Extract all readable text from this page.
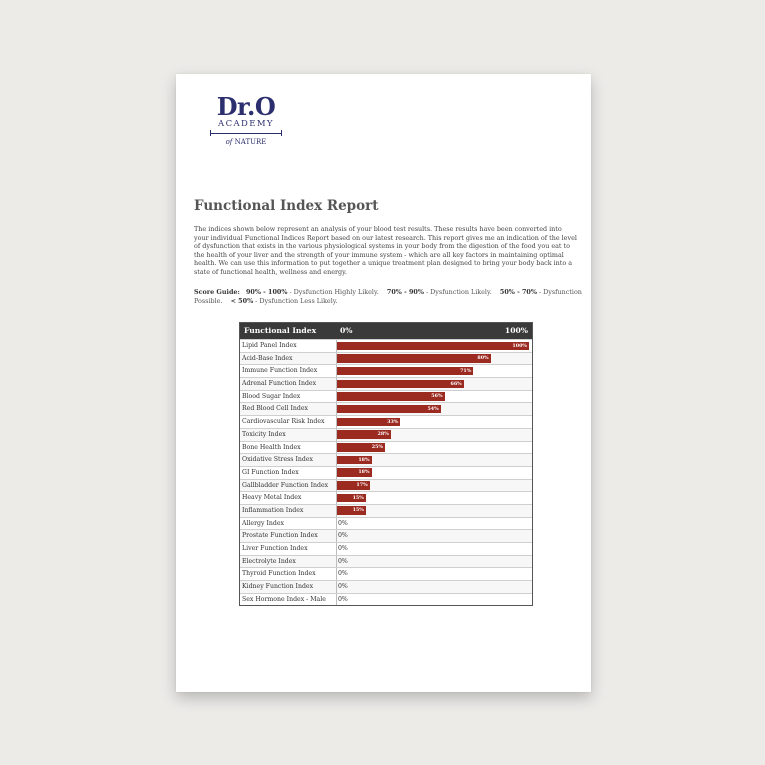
Dr.O
ACADEMY
of NATURE
Functional Index Report
The indices shown below represent an analysis of your blood test results. These results have been converted into your individual Functional Indices Report based on our latest research. This report gives me an indication of the level of dysfunction that exists in the various physiological systems in your body from the digestion of the food you eat to the health of your liver and the strength of your immune system - which are all key factors in maintaining optimal health. We can use this information to put together a unique treatment plan designed to bring your body back into a state of functional health, wellness and energy.
Score Guide: 90% - 100% - Dysfunction Highly Likely. 70% - 90% - Dysfunction Likely. 50% - 70% - Dysfunction Possible. < 50% - Dysfunction Less Likely.
Functional Index	0%	100%
Lipid Panel Index	100%
Acid-Base Index	80%
Immune Function Index	71%
Adrenal Function Index	66%
Blood Sugar Index	56%
Red Blood Cell Index	54%
Cardiovascular Risk Index	33%
Toxicity Index	28%
Bone Health Index	25%
Oxidative Stress Index	18%
GI Function Index	18%
Gallbladder Function Index	17%
Heavy Metal Index	15%
Inflammation Index	15%
Allergy Index	0%
Prostate Function Index	0%
Liver Function Index	0%
Electrolyte Index	0%
Thyroid Function Index	0%
Kidney Function Index	0%
Sex Hormone Index - Male 0%
